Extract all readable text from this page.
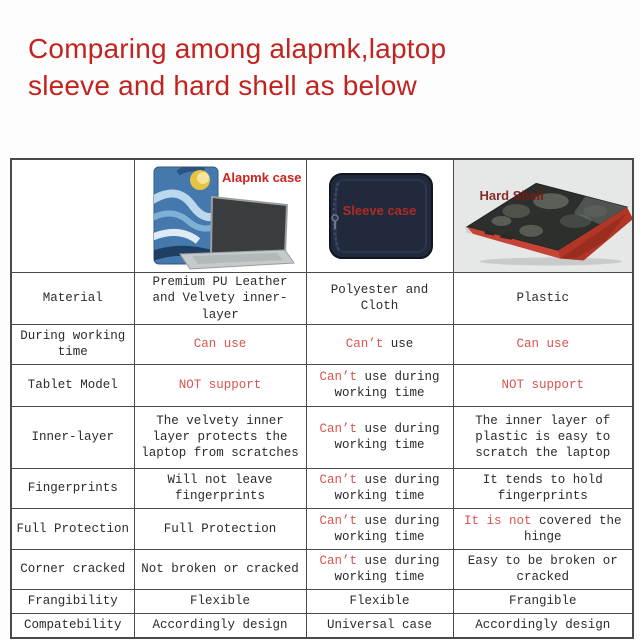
Comparing among alapmk,laptop
sleeve and hard shell as below

	Alapmk case	Sleeve case	Hard Shell

Material	Premium PU Leather and Velvety inner-layer	Polyester and Cloth	Plastic
During working time	Can use	Can’t use	Can use
Tablet Model	NOT support	Can’t use during working time	NOT support
Inner-layer	The velvety inner layer protects the laptop from scratches	Can’t use during working time	The inner layer of plastic is easy to scratch the laptop
Fingerprints	Will not leave fingerprints	Can’t use during working time	It tends to hold fingerprints
Full Protection	Full Protection	Can’t use during working time	It is not covered the hinge
Corner cracked	Not broken or cracked	Can’t use during working time	Easy to be broken or cracked
Frangibility	Flexible	Flexible	Frangible
Compatebility	Accordingly design	Universal case	Accordingly design
